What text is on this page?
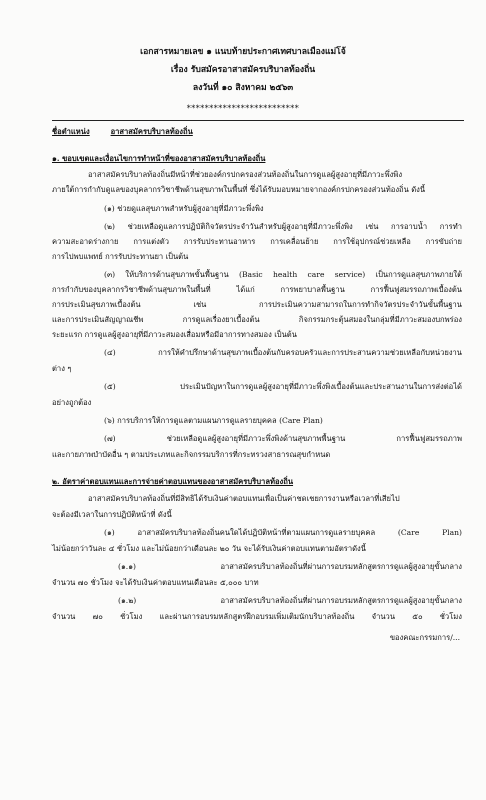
เอกสารหมายเลข ๑ แนบท้ายประกาศเทศบาลเมืองแม่โจ้
เรื่อง รับสมัครอาสาสมัครบริบาลท้องถิ่น
ลงวันที่ ๑๐ สิงหาคม ๒๕๖๓
*************************
ชื่อตำแหน่ง	อาสาสมัครบริบาลท้องถิ่น
๑. ขอบเขตและเงื่อนไขการทำหน้าที่ของอาสาสมัครบริบาลท้องถิ่น
อาสาสมัครบริบาลท้องถิ่นมีหน้าที่ช่วยองค์กรปกครองส่วนท้องถิ่นในการดูแลผู้สูงอายุที่มีภาวะพึ่งพิง
ภายใต้การกำกับดูแลของบุคลากรวิชาชีพด้านสุขภาพในพื้นที่ ซึ่งได้รับมอบหมายจากองค์กรปกครองส่วนท้องถิ่น ดังนี้
(๑) ช่วยดูแลสุขภาพสำหรับผู้สูงอายุที่มีภาวะพึ่งพิง
(๒) ช่วยเหลือดูแลการปฏิบัติกิจวัตรประจำวันสำหรับผู้สูงอายุที่มีภาวะพึ่งพิง เช่น การอาบน้ำ การทำ
ความสะอาดร่างกาย การแต่งตัว การรับประทานอาหาร การเคลื่อนย้าย การใช้อุปกรณ์ช่วยเหลือ การขับถ่าย
การไปพบแพทย์ การรับประทานยา เป็นต้น
(๓) ให้บริการด้านสุขภาพขั้นพื้นฐาน (Basic health care service) เป็นการดูแลสุขภาพภายใต้
การกำกับของบุคลากรวิชาชีพด้านสุขภาพในพื้นที่ ได้แก่ การพยาบาลพื้นฐาน การฟื้นฟูสมรรถภาพเบื้องต้น
การประเมินสุขภาพเบื้องต้น เช่น การประเมินความสามารถในการทำกิจวัตรประจำวันขั้นพื้นฐาน
และการประเมินสัญญาณชีพ การดูแลเรื่องยาเบื้องต้น กิจกรรมกระตุ้นสมองในกลุ่มที่มีภาวะสมองบกพร่อง
ระยะแรก การดูแลผู้สูงอายุที่มีภาวะสมองเสื่อมหรือมีอาการทางสมอง เป็นต้น
(๔) การให้คำปรึกษาด้านสุขภาพเบื้องต้นกับครอบครัวและการประสานความช่วยเหลือกับหน่วยงาน
ต่าง ๆ
(๕) ประเมินปัญหาในการดูแลผู้สูงอายุที่มีภาวะพึ่งพิงเบื้องต้นและประสานงานในการส่งต่อได้
อย่างถูกต้อง
(๖) การบริการให้การดูแลตามแผนการดูแลรายบุคคล (Care Plan)
(๗) ช่วยเหลือดูแลผู้สูงอายุที่มีภาวะพึ่งพิงด้านสุขภาพพื้นฐาน การฟื้นฟูสมรรถภาพ
และกายภาพบำบัดอื่น ๆ ตามประเภทและกิจกรรมบริการที่กระทรวงสาธารณสุขกำหนด
๒. อัตราค่าตอบแทนและการจ่ายค่าตอบแทนของอาสาสมัครบริบาลท้องถิ่น
อาสาสมัครบริบาลท้องถิ่นที่มีสิทธิได้รับเงินค่าตอบแทนเพื่อเป็นค่าชดเชยการงานหรือเวลาที่เสียไป
จะต้องมีเวลาในการปฏิบัติหน้าที่ ดังนี้
(๑) อาสาสมัครบริบาลท้องถิ่นคนใดได้ปฏิบัติหน้าที่ตามแผนการดูแลรายบุคคล (Care Plan)
ไม่น้อยกว่าวันละ ๔ ชั่วโมง และไม่น้อยกว่าเดือนละ ๒๐ วัน จะได้รับเงินค่าตอบแทนตามอัตราดังนี้
(๑.๑) อาสาสมัครบริบาลท้องถิ่นที่ผ่านการอบรมหลักสูตรการดูแลผู้สูงอายุขั้นกลาง
จำนวน ๗๐ ชั่วโมง จะได้รับเงินค่าตอบแทนเดือนละ ๕,๐๐๐ บาท
(๑.๒) อาสาสมัครบริบาลท้องถิ่นที่ผ่านการอบรมหลักสูตรการดูแลผู้สูงอายุขั้นกลาง
จำนวน ๗๐ ชั่วโมง และผ่านการอบรมหลักสูตรฝึกอบรมเพิ่มเติมนักบริบาลท้องถิ่น จำนวน ๕๐ ชั่วโมง
ของคณะกรรมการ/...
